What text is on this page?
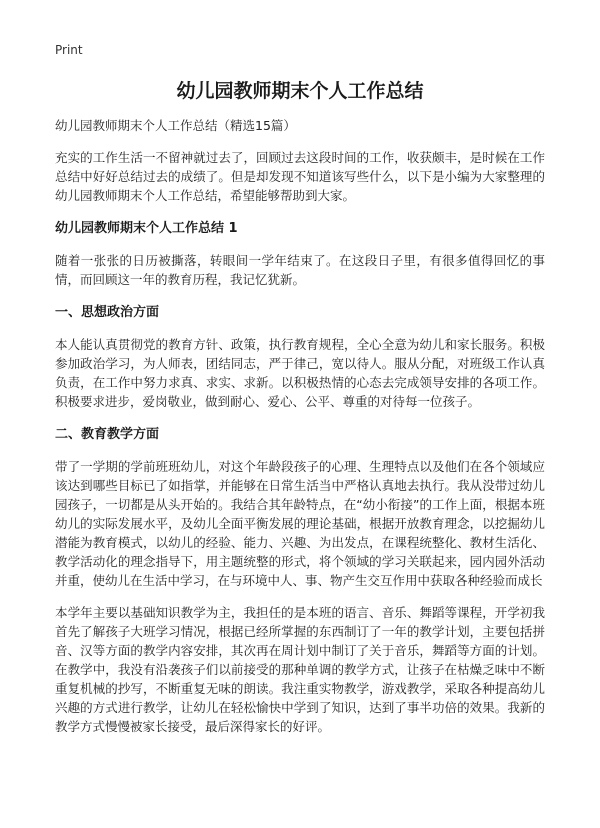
Print
幼儿园教师期末个人工作总结
幼儿园教师期末个人工作总结（精选15篇）

充实的工作生活一不留神就过去了，回顾过去这段时间的工作，收获颇丰，是时候在工作总结中好好总结过去的成绩了。但是却发现不知道该写些什么，以下是小编为大家整理的幼儿园教师期末个人工作总结，希望能够帮助到大家。

幼儿园教师期末个人工作总结 1

随着一张张的日历被撕落，转眼间一学年结束了。在这段日子里，有很多值得回忆的事情，而回顾这一年的教育历程，我记忆犹新。

一、思想政治方面

本人能认真贯彻党的教育方针、政策，执行教育规程，全心全意为幼儿和家长服务。积极参加政治学习，为人师表，团结同志，严于律己，宽以待人。服从分配，对班级工作认真负责，在工作中努力求真、求实、求新。以积极热情的心态去完成领导安排的各项工作。积极要求进步，爱岗敬业，做到耐心、爱心、公平、尊重的对待每一位孩子。

二、教育教学方面

带了一学期的学前班班幼儿，对这个年龄段孩子的心理、生理特点以及他们在各个领域应该达到哪些目标已了如指掌，并能够在日常生活当中严格认真地去执行。我从没带过幼儿园孩子，一切都是从头开始的。我结合其年龄特点，在“幼小衔接”的工作上面，根据本班幼儿的实际发展水平，及幼儿全面平衡发展的理论基础，根据开放教育理念，以挖掘幼儿潜能为教育模式，以幼儿的经验、能力、兴趣、为出发点，在课程统整化、教材生活化、教学活动化的理念指导下，用主题统整的形式，将个领域的学习关联起来，园内园外活动并重，使幼儿在生活中学习，在与环境中人、事、物产生交互作用中获取各种经验而成长

本学年主要以基础知识教学为主，我担任的是本班的语言、音乐、舞蹈等课程，开学初我首先了解孩子大班学习情况，根据已经所掌握的东西制订了一年的教学计划，主要包括拼音、汉等方面的教学内容安排，其次再在周计划中制订了关于音乐，舞蹈等方面的计划。在教学中，我没有沿袭孩子们以前接受的那种单调的教学方式，让孩子在枯燥乏味中不断重复机械的抄写，不断重复无味的朗读。我注重实物教学，游戏教学，采取各种提高幼儿兴趣的方式进行教学，让幼儿在轻松愉快中学到了知识，达到了事半功倍的效果。我新的教学方式慢慢被家长接受，最后深得家长的好评。
